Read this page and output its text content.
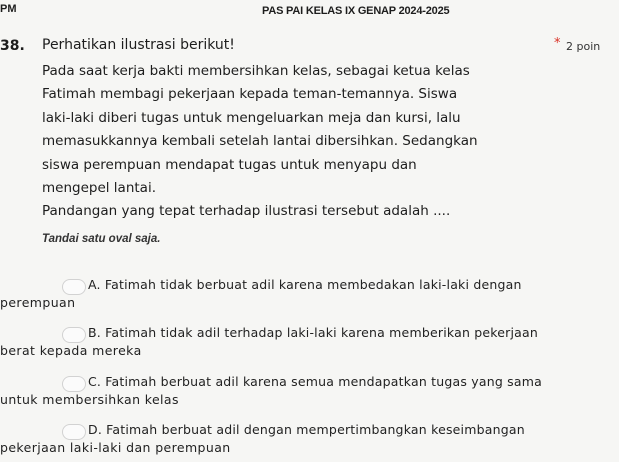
PM	PAS PAI KELAS IX GENAP 2024-2025
38. Perhatikan ilustrasi berikut!	* 2 poin

Pada saat kerja bakti membersihkan kelas, sebagai ketua kelas
Fatimah membagi pekerjaan kepada teman-temannya. Siswa
laki-laki diberi tugas untuk mengeluarkan meja dan kursi, lalu
memasukkannya kembali setelah lantai dibersihkan. Sedangkan
siswa perempuan mendapat tugas untuk menyapu dan
mengepel lantai.
Pandangan yang tepat terhadap ilustrasi tersebut adalah ....

Tandai satu oval saja.
A. Fatimah tidak berbuat adil karena membedakan laki-laki dengan
perempuan
B. Fatimah tidak adil terhadap laki-laki karena memberikan pekerjaan
berat kepada mereka
C. Fatimah berbuat adil karena semua mendapatkan tugas yang sama
untuk membersihkan kelas
D. Fatimah berbuat adil dengan mempertimbangkan keseimbangan
pekerjaan laki-laki dan perempuan
